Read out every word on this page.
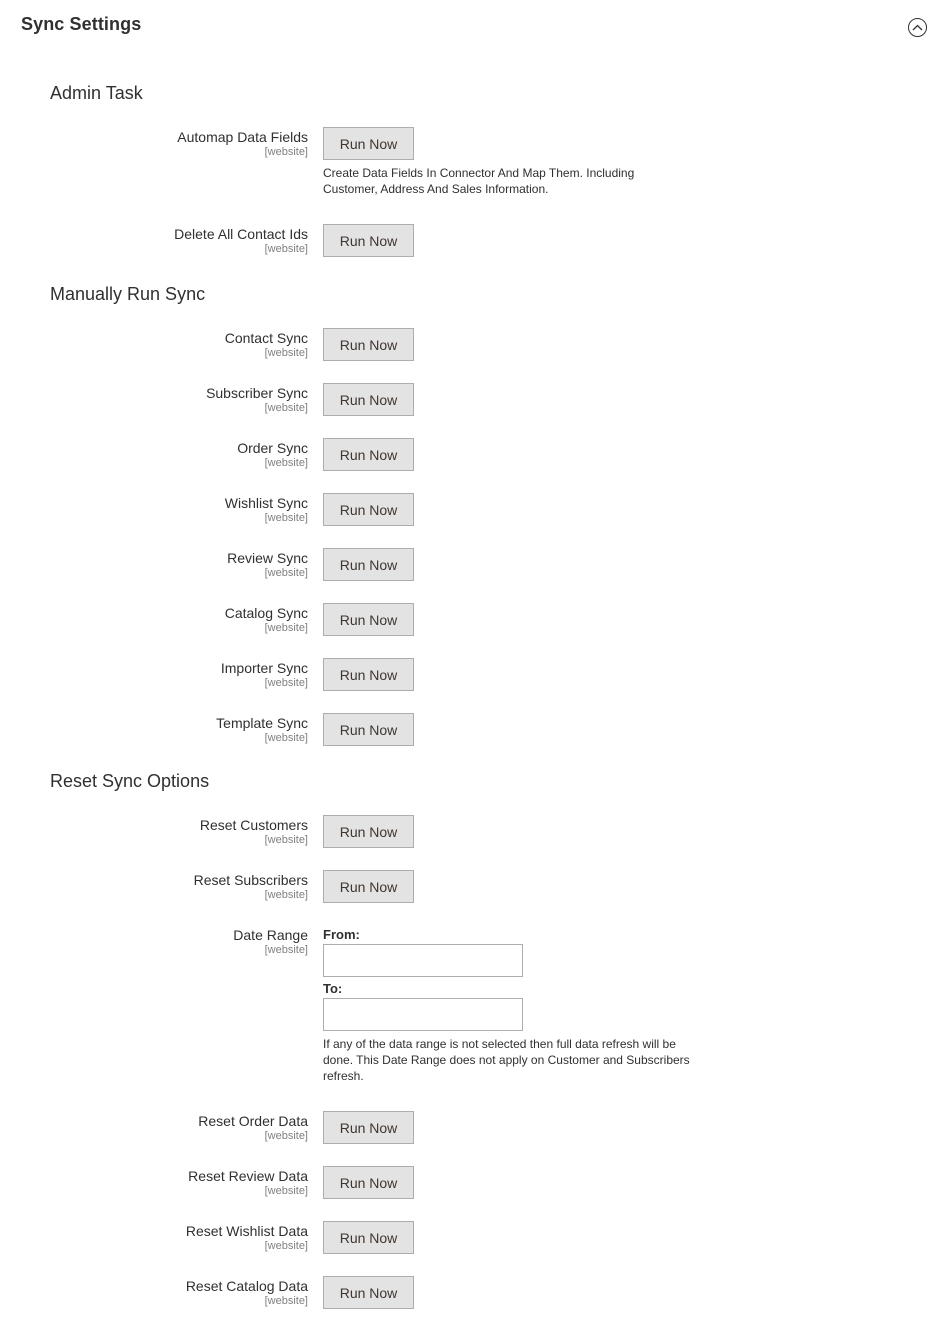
Sync Settings
Admin Task
Automap Data Fields
[website]
Run Now
Create Data Fields In Connector And Map Them. Including
Customer, Address And Sales Information.
Delete All Contact Ids
[website]
Run Now
Manually Run Sync
Contact Sync
[website]
Run Now
Subscriber Sync
[website]
Run Now
Order Sync
[website]
Run Now
Wishlist Sync
[website]
Run Now
Review Sync
[website]
Run Now
Catalog Sync
[website]
Run Now
Importer Sync
[website]
Run Now
Template Sync
[website]
Run Now
Reset Sync Options
Reset Customers
[website]
Run Now
Reset Subscribers
[website]
Run Now
Date Range
[website]
From:
To:
If any of the data range is not selected then full data refresh will be
done. This Date Range does not apply on Customer and Subscribers
refresh.
Reset Order Data
[website]
Run Now
Reset Review Data
[website]
Run Now
Reset Wishlist Data
[website]
Run Now
Reset Catalog Data
[website]
Run Now
